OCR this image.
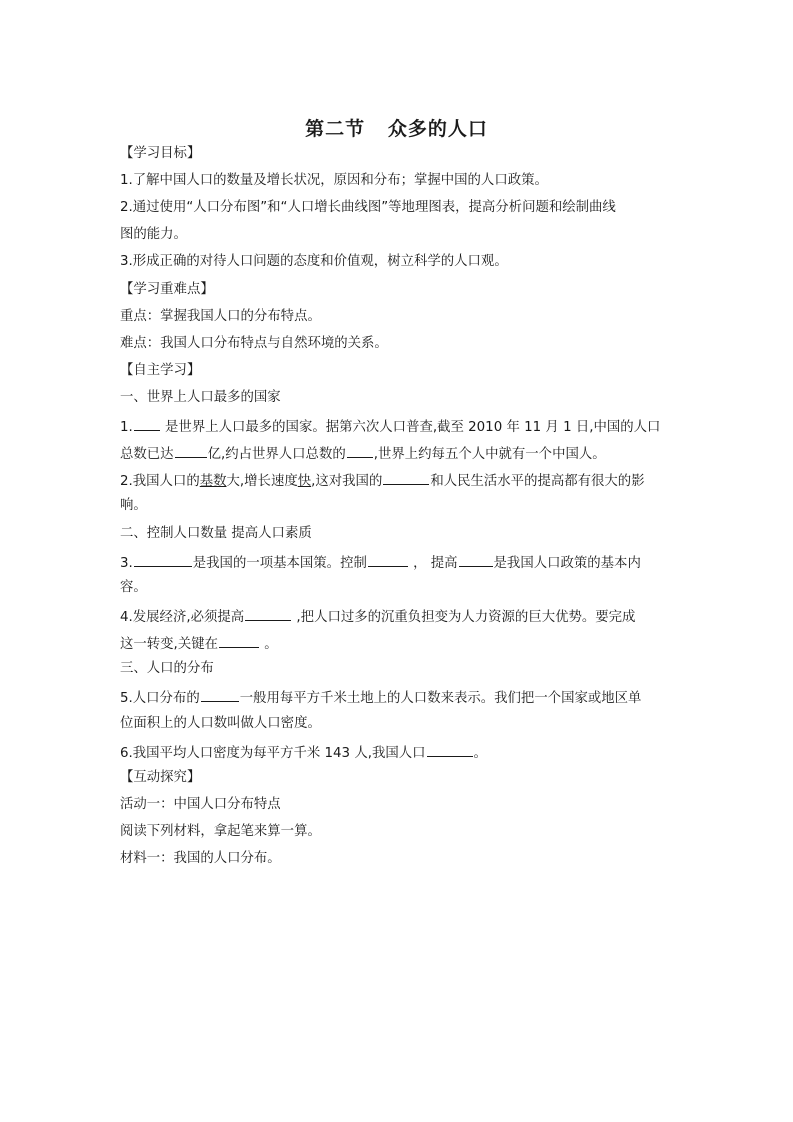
第二节   众多的人口
【学习目标】
1.了解中国人口的数量及增长状况，原因和分布；掌握中国的人口政策。
2.通过使用“人口分布图”和“人口增长曲线图”等地理图表，提高分析问题和绘制曲线
图的能力。
3.形成正确的对待人口问题的态度和价值观，树立科学的人口观。
【学习重难点】
重点：掌握我国人口的分布特点。
难点：我国人口分布特点与自然环境的关系。
【自主学习】
一、世界上人口最多的国家
1. 是世界上人口最多的国家。据第六次人口普查,截至 2010 年 11 月 1 日,中国的人口
总数已达	亿,约占世界人口总数的 ,世界上约每五个人中就有一个中国人。
2.我国人口的基数大,增长速度快,这对我国的	和人民生活水平的提高都有很大的影
响。
二、控制人口数量 提高人口素质
3.	是我国的一项基本国策。控制	， 提高	是我国人口政策的基本内
容。
4.发展经济,必须提高	,把人口过多的沉重负担变为人力资源的巨大优势。要完成
这一转变,关键在	。
三、人口的分布
5.人口分布的	一般用每平方千米土地上的人口数来表示。我们把一个国家或地区单
位面积上的人口数叫做人口密度。
6.我国平均人口密度为每平方千米 143 人,我国人口	。
【互动探究】
活动一：中国人口分布特点
阅读下列材料，拿起笔来算一算。
材料一：我国的人口分布。
